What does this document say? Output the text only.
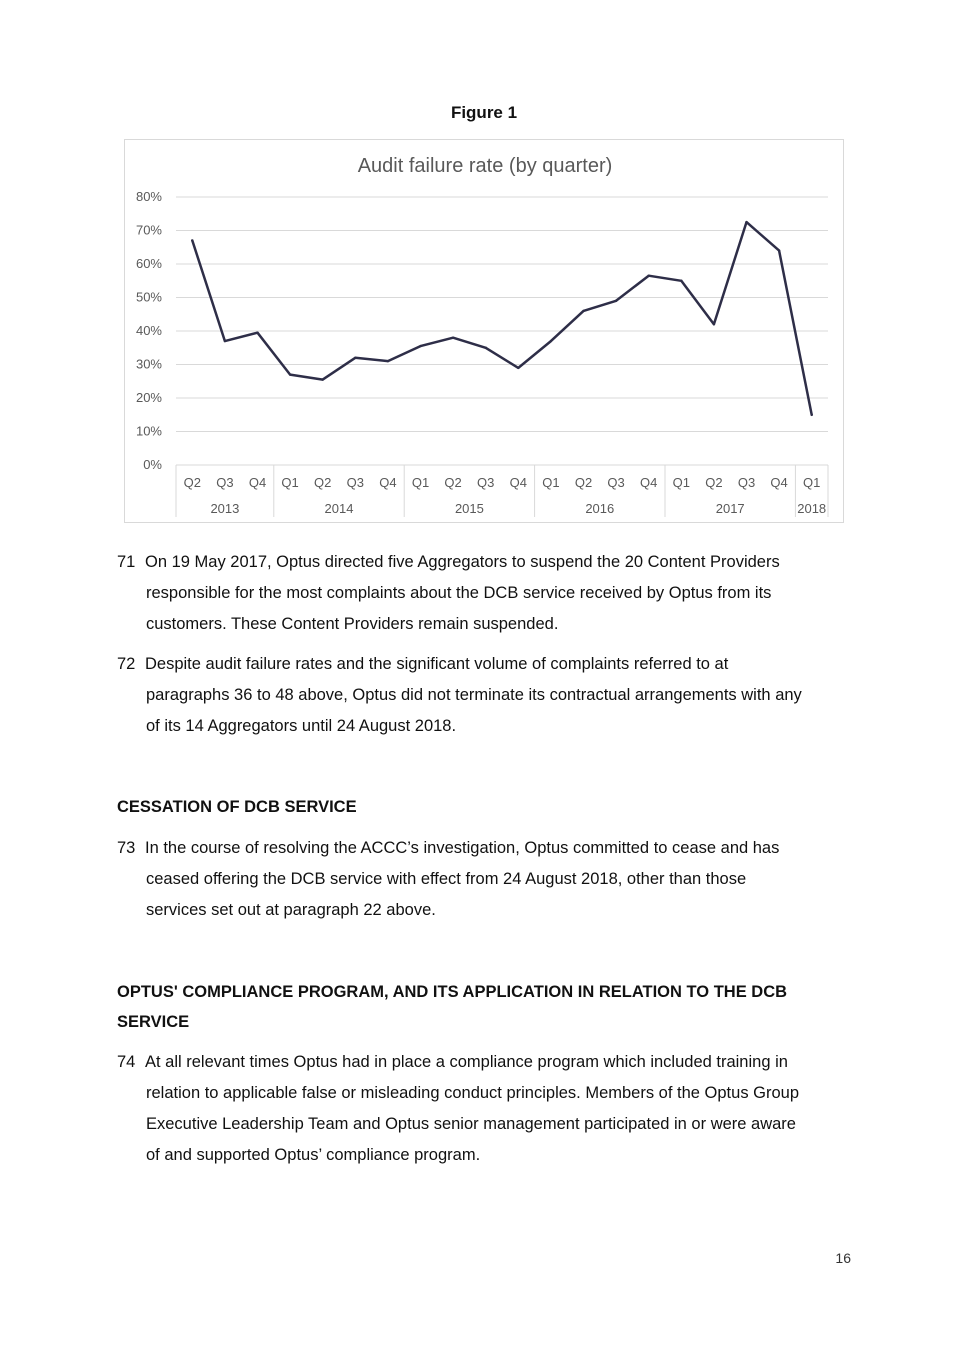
Figure 1
Audit failure rate (by quarter)
0%
10%
20%
30%
40%
50%
60%
70%
80%
Q2 Q3 Q4 Q1 Q2 Q3 Q4 Q1 Q2 Q3 Q4 Q1 Q2 Q3 Q4 Q1 Q2 Q3 Q4 Q1
2013	2014	2015	2016	2017	2018
71 On 19 May 2017, Optus directed five Aggregators to suspend the 20 Content Providers
responsible for the most complaints about the DCB service received by Optus from its
customers. These Content Providers remain suspended.
72 Despite audit failure rates and the significant volume of complaints referred to at
paragraphs 36 to 48 above, Optus did not terminate its contractual arrangements with any
of its 14 Aggregators until 24 August 2018.
CESSATION OF DCB SERVICE
73 In the course of resolving the ACCC’s investigation, Optus committed to cease and has
ceased offering the DCB service with effect from 24 August 2018, other than those
services set out at paragraph 22 above.
OPTUS' COMPLIANCE PROGRAM, AND ITS APPLICATION IN RELATION TO THE DCB
SERVICE
74 At all relevant times Optus had in place a compliance program which included training in
relation to applicable false or misleading conduct principles. Members of the Optus Group
Executive Leadership Team and Optus senior management participated in or were aware
of and supported Optus’ compliance program.
16
